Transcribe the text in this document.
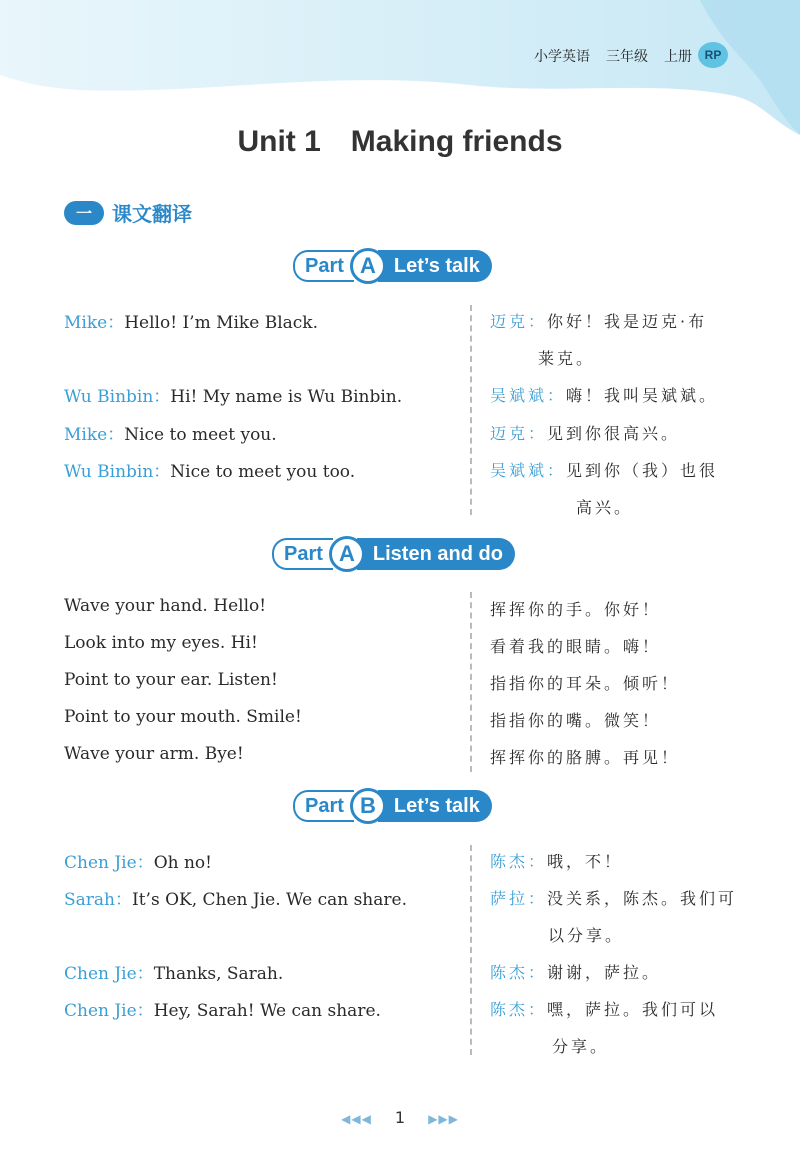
小学英语 三年级 上册	RP
Unit 1　Making friends
一	课文翻译
Part A Let’s talk
Mike：Hello! I’m Mike Black.
Wu Binbin：Hi! My name is Wu Binbin.
Mike：Nice to meet you.
Wu Binbin：Nice to meet you too.
迈克：你好！我是迈克·布
莱克。
吴斌斌：嗨！我叫吴斌斌。
迈克：见到你很高兴。
吴斌斌：见到你（我）也很
高兴。
Part A Listen and do
Wave your hand. Hello!
Look into my eyes. Hi!
Point to your ear. Listen!
Point to your mouth. Smile!
Wave your arm. Bye!
挥挥你的手。你好！
看着我的眼睛。嗨！
指指你的耳朵。倾听！
指指你的嘴。微笑！
挥挥你的胳膊。再见！
Part B Let’s talk
Chen Jie：Oh no!
Sarah：It’s OK, Chen Jie. We can share.
Chen Jie：Thanks, Sarah.
Chen Jie：Hey, Sarah! We can share.
陈杰：哦，不！
萨拉：没关系，陈杰。我们可
以分享。
陈杰：谢谢，萨拉。
陈杰：嘿，萨拉。我们可以
分享。
◀◀◀ 1 ▶▶▶
